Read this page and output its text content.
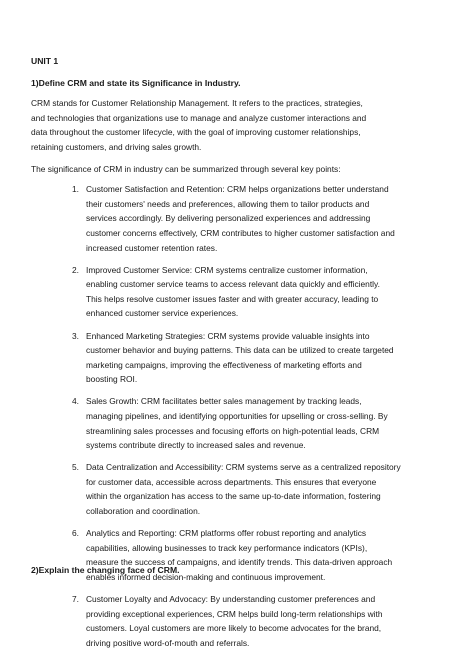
UNIT 1
1)Define CRM and state its Significance in Industry.
CRM stands for Customer Relationship Management. It refers to the practices, strategies,
and technologies that organizations use to manage and analyze customer interactions and
data throughout the customer lifecycle, with the goal of improving customer relationships,
retaining customers, and driving sales growth.
The significance of CRM in industry can be summarized through several key points:
1. Customer Satisfaction and Retention: CRM helps organizations better understand
their customers' needs and preferences, allowing them to tailor products and
services accordingly. By delivering personalized experiences and addressing
customer concerns effectively, CRM contributes to higher customer satisfaction and
increased customer retention rates.
2. Improved Customer Service: CRM systems centralize customer information,
enabling customer service teams to access relevant data quickly and efficiently.
This helps resolve customer issues faster and with greater accuracy, leading to
enhanced customer service experiences.
3. Enhanced Marketing Strategies: CRM systems provide valuable insights into
customer behavior and buying patterns. This data can be utilized to create targeted
marketing campaigns, improving the effectiveness of marketing efforts and
boosting ROI.
4. Sales Growth: CRM facilitates better sales management by tracking leads,
managing pipelines, and identifying opportunities for upselling or cross-selling. By
streamlining sales processes and focusing efforts on high-potential leads, CRM
systems contribute directly to increased sales and revenue.
5. Data Centralization and Accessibility: CRM systems serve as a centralized repository
for customer data, accessible across departments. This ensures that everyone
within the organization has access to the same up-to-date information, fostering
collaboration and coordination.
6. Analytics and Reporting: CRM platforms offer robust reporting and analytics
capabilities, allowing businesses to track key performance indicators (KPIs),
measure the success of campaigns, and identify trends. This data-driven approach
enables informed decision-making and continuous improvement.
7. Customer Loyalty and Advocacy: By understanding customer preferences and
providing exceptional experiences, CRM helps build long-term relationships with
customers. Loyal customers are more likely to become advocates for the brand,
driving positive word-of-mouth and referrals.
2)Explain the changing face of CRM.
